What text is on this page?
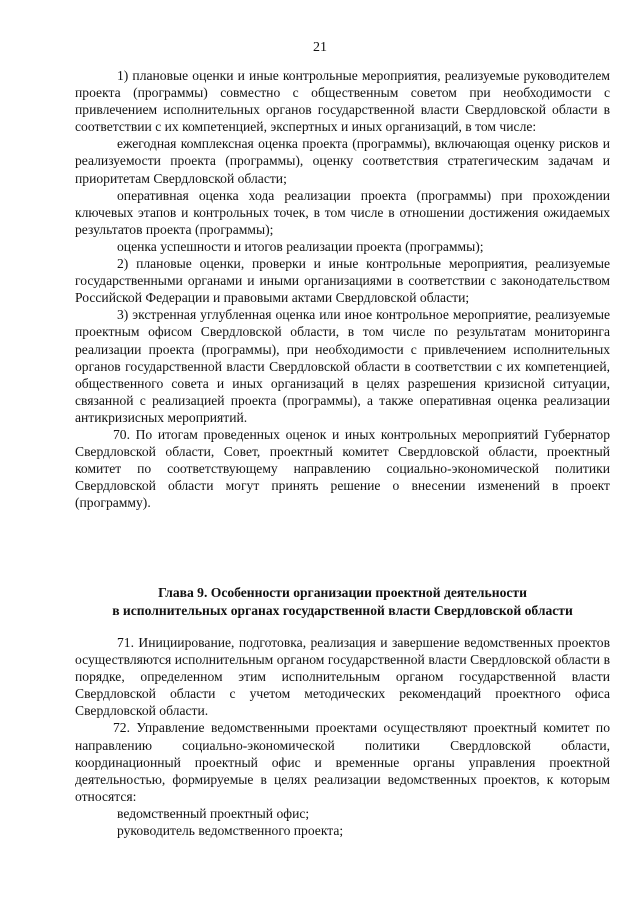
21

1) плановые оценки и иные контрольные мероприятия, реализуемые руководителем проекта (программы) совместно с общественным советом при необходимости с привлечением исполнительных органов государственной власти Свердловской области в соответствии с их компетенцией, экспертных и иных организаций, в том числе:

ежегодная комплексная оценка проекта (программы), включающая оценку рисков и реализуемости проекта (программы), оценку соответствия стратегическим задачам и приоритетам Свердловской области;

оперативная оценка хода реализации проекта (программы) при прохождении ключевых этапов и контрольных точек, в том числе в отношении достижения ожидаемых результатов проекта (программы);

оценка успешности и итогов реализации проекта (программы);

2) плановые оценки, проверки и иные контрольные мероприятия, реализуемые государственными органами и иными организациями в соответствии с законодательством Российской Федерации и правовыми актами Свердловской области;

3) экстренная углубленная оценка или иное контрольное мероприятие, реализуемые проектным офисом Свердловской области, в том числе по результатам мониторинга реализации проекта (программы), при необходимости с привлечением исполнительных органов государственной власти Свердловской области в соответствии с их компетенцией, общественного совета и иных организаций в целях разрешения кризисной ситуации, связанной с реализацией проекта (программы), а также оперативная оценка реализации антикризисных мероприятий.

70. По итогам проведенных оценок и иных контрольных мероприятий Губернатор Свердловской области, Совет, проектный комитет Свердловской области, проектный комитет по соответствующему направлению социально-экономической политики Свердловской области могут принять решение о внесении изменений в проект (программу).

Глава 9. Особенности организации проектной деятельности
в исполнительных органах государственной власти Свердловской области

71. Инициирование, подготовка, реализация и завершение ведомственных проектов осуществляются исполнительным органом государственной власти Свердловской области в порядке, определенном этим исполнительным органом государственной власти Свердловской области с учетом методических рекомендаций проектного офиса Свердловской области.

72. Управление ведомственными проектами осуществляют проектный комитет по направлению социально-экономической политики Свердловской области, координационный проектный офис и временные органы управления проектной деятельностью, формируемые в целях реализации ведомственных проектов, к которым относятся:

ведомственный проектный офис;

руководитель ведомственного проекта;
